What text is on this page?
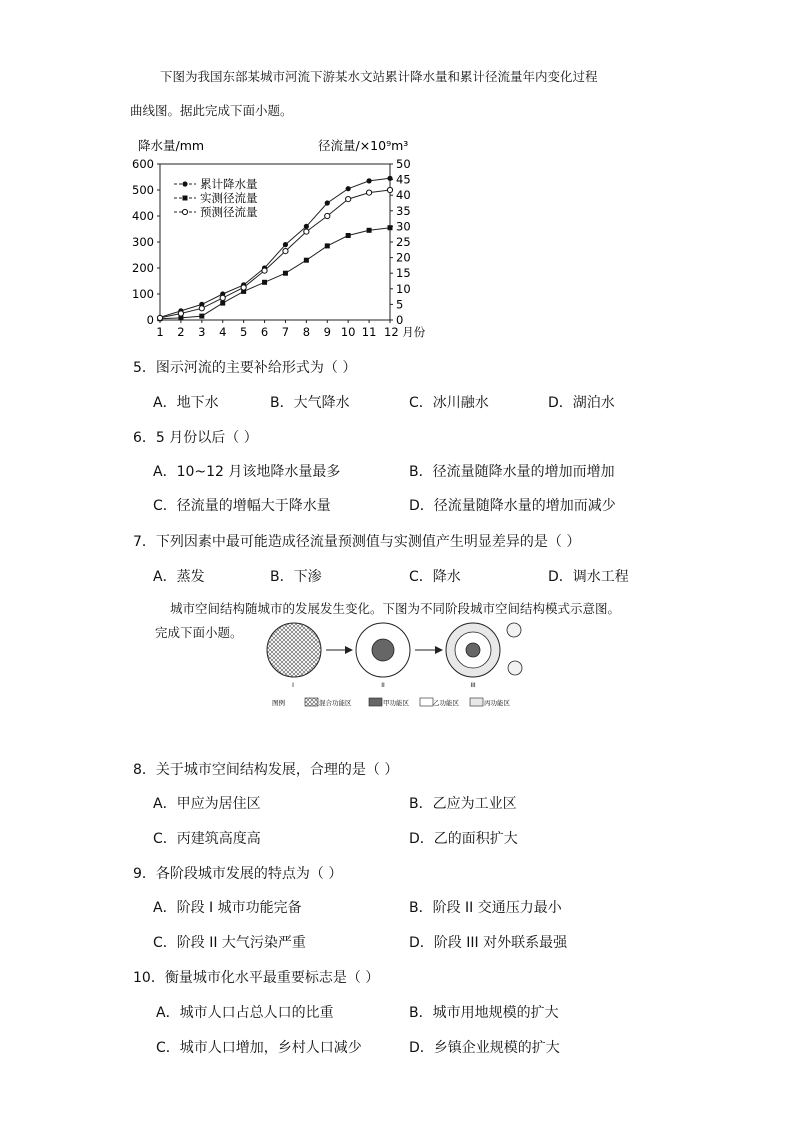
下图为我国东部某城市河流下游某水文站累计降水量和累计径流量年内变化过程
曲线图。据此完成下面小题。
0
100
200
300
400
500
600
0
5
10
15
20
25
30
35
40
45
50
1 2 3 4 5 6 7 8 9 10 11 12 月份
降水量/mm	径流量/×10⁹m³
累计降水量
实测径流量
预测径流量
5．图示河流的主要补给形式为（ ）
A．地下水	B．大气降水	C．冰川融水	D．湖泊水
6．5 月份以后（ ）
A．10~12 月该地降水量最多	B．径流量随降水量的增加而增加
C．径流量的增幅大于降水量	D．径流量随降水量的增加而减少
7．下列因素中最可能造成径流量预测值与实测值产生明显差异的是（ ）
A．蒸发	B．下渗	C．降水	D．调水工程
城市空间结构随城市的发展发生变化。下图为不同阶段城市空间结构模式示意图。
完成下面小题。
I	II	III
图例	混合功能区	甲功能区	乙功能区	丙功能区
8．关于城市空间结构发展，合理的是（ ）
A．甲应为居住区	B．乙应为工业区
C．丙建筑高度高	D．乙的面积扩大
9．各阶段城市发展的特点为（ ）
A．阶段 I 城市功能完备	B．阶段 II 交通压力最小
C．阶段 II 大气污染严重	D．阶段 III 对外联系最强
10．衡量城市化水平最重要标志是（ ）
A．城市人口占总人口的比重	B．城市用地规模的扩大
C．城市人口增加，乡村人口减少	D．乡镇企业规模的扩大
